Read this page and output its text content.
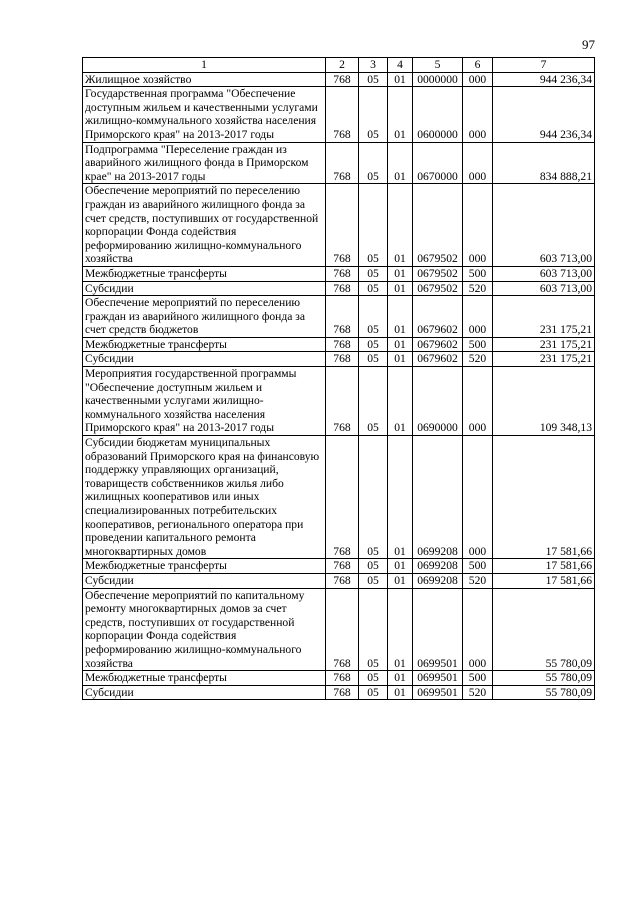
97
1	2	3	4	5	6	7
Жилищное хозяйство	768	05	01	0000000	000	944 236,34
Государственная программа "Обеспечение доступным жильем и качественными услугами жилищно-коммунального хозяйства населения Приморского края" на 2013-2017 годы	768	05	01	0600000	000	944 236,34
Подпрограмма "Переселение граждан из аварийного жилищного фонда в Приморском крае" на 2013-2017 годы	768	05	01	0670000	000	834 888,21
Обеспечение мероприятий по переселению граждан из аварийного жилищного фонда за счет средств, поступивших от государственной корпорации Фонда содействия реформированию жилищно-коммунального хозяйства	768	05	01	0679502	000	603 713,00
Межбюджетные трансферты	768	05	01	0679502	500	603 713,00
Субсидии	768	05	01	0679502	520	603 713,00
Обеспечение мероприятий по переселению граждан из аварийного жилищного фонда за счет средств бюджетов	768	05	01	0679602	000	231 175,21
Межбюджетные трансферты	768	05	01	0679602	500	231 175,21
Субсидии	768	05	01	0679602	520	231 175,21
Мероприятия государственной программы "Обеспечение доступным жильем и качественными услугами жилищно-коммунального хозяйства населения Приморского края" на 2013-2017 годы	768	05	01	0690000	000	109 348,13
Субсидии бюджетам муниципальных образований Приморского края на финансовую поддержку управляющих организаций, товариществ собственников жилья либо жилищных кооперативов или иных специализированных потребительских кооперативов, регионального оператора при проведении капитального ремонта многоквартирных домов	768	05	01	0699208	000	17 581,66
Межбюджетные трансферты	768	05	01	0699208	500	17 581,66
Субсидии	768	05	01	0699208	520	17 581,66
Обеспечение мероприятий по капитальному ремонту многоквартирных домов за счет средств, поступивших от государственной корпорации Фонда содействия реформированию жилищно-коммунального хозяйства	768	05	01	0699501	000	55 780,09
Межбюджетные трансферты	768	05	01	0699501	500	55 780,09
Субсидии	768	05	01	0699501	520	55 780,09
